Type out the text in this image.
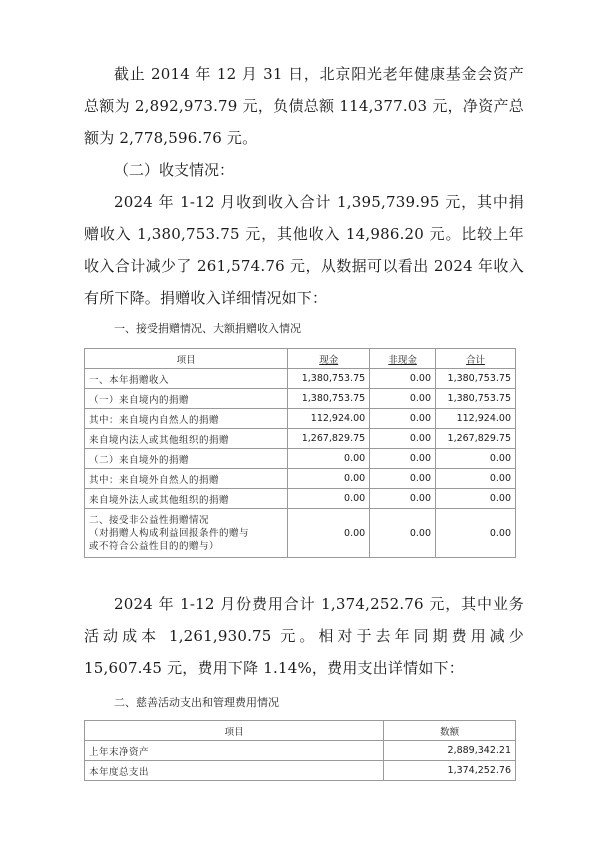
截止 2014 年 12 月 31 日，北京阳光老年健康基金会资产总额为 2,892,973.79 元，负债总额 114,377.03 元，净资产总额为 2,778,596.76 元。

（二）收支情况：

2024 年 1-12 月收到收入合计 1,395,739.95 元，其中捐赠收入 1,380,753.75 元，其他收入 14,986.20 元。比较上年收入合计减少了 261,574.76 元，从数据可以看出 2024 年收入有所下降。捐赠收入详细情况如下：

一、接受捐赠情况、大额捐赠收入情况

项目	现金	非现金	合计
一、本年捐赠收入	1,380,753.75	0.00	1,380,753.75
（一）来自境内的捐赠	1,380,753.75	0.00	1,380,753.75
其中：来自境内自然人的捐赠	112,924.00	0.00	112,924.00
来自境内法人或其他组织的捐赠	1,267,829.75	0.00	1,267,829.75
（二）来自境外的捐赠	0.00	0.00	0.00
其中：来自境外自然人的捐赠	0.00	0.00	0.00
来自境外法人或其他组织的捐赠	0.00	0.00	0.00
二、接受非公益性捐赠情况
（对捐赠人构成利益回报条件的赠与
或不符合公益性目的的赠与）	0.00	0.00	0.00

2024 年 1-12 月份费用合计 1,374,252.76 元，其中业务活动成本 1,261,930.75 元。相对于去年同期费用减少 15,607.45 元，费用下降 1.14%，费用支出详情如下：

二、慈善活动支出和管理费用情况

项目	数额
上年末净资产	2,889,342.21
本年度总支出	1,374,252.76
